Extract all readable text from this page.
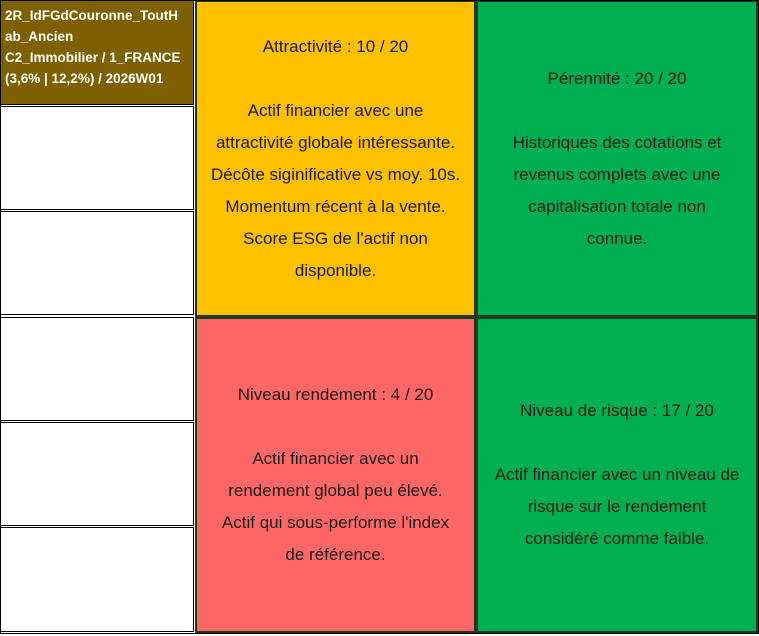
2R_IdFGdCouronne_ToutH
ab_Ancien
C2_Immobilier / 1_FRANCE
(3,6% | 12,2%) / 2026W01
Attractivité : 10 / 20
Actif financier avec une
attractivité globale intéressante.
Décôte siginificative vs moy. 10s.
Momentum récent à la vente.
Score ESG de l'actif non
disponible.
Pérennité : 20 / 20
Historiques des cotations et
revenus complets avec une
capitalisation totale non
connue.
Niveau rendement : 4 / 20
Actif financier avec un
rendement global peu élevé.
Actif qui sous-performe l'index
de référence.
Niveau de risque : 17 / 20
Actif financier avec un niveau de
risque sur le rendement
considéré comme faible.
